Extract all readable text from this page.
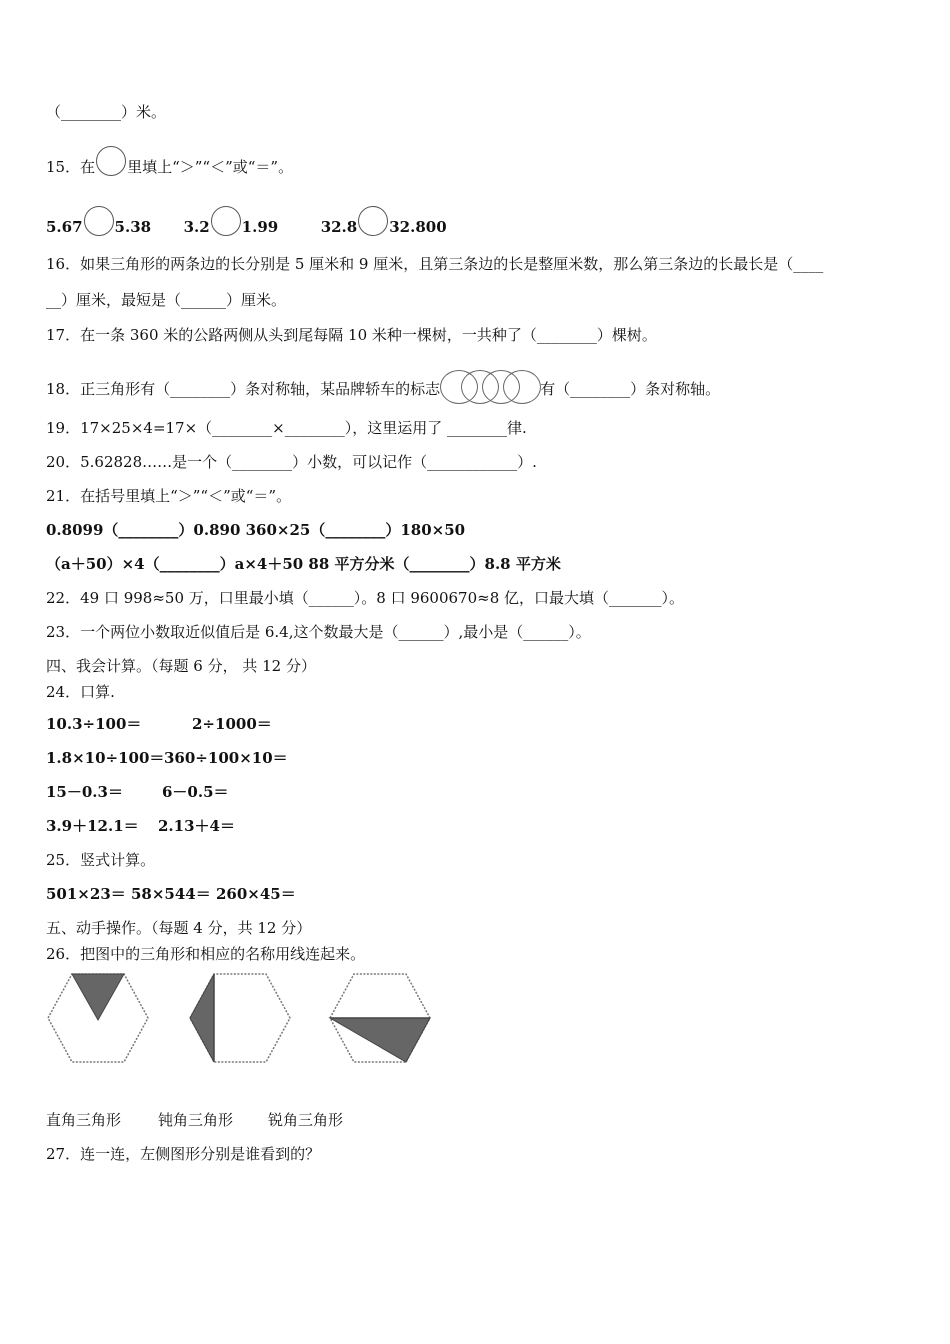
（________）米。
15．在 里填上“＞”“＜”或“＝”。
5.67 5.38 3.2 1.99	32.8 32.800
16．如果三角形的两条边的长分别是 5 厘米和 9 厘米，且第三条边的长是整厘米数，那么第三条边的长最长是（____
__）厘米，最短是（______）厘米。
17．在一条 360 米的公路两侧从头到尾每隔 10 米种一棵树，一共种了（________）棵树。
18．正三角形有（________）条对称轴，某品牌轿车的标志	有（________）条对称轴。
19．17×25×4=17×（________×________），这里运用了 ________律.
20．5.62828……是一个（________）小数，可以记作（____________）.
21．在括号里填上“＞”“＜”或“＝”。
0.8099（________）0.890 360×25（________）180×50
（a＋50）×4（________）a×4＋50 88 平方分米（________）8.8 平方米
22．49 口 998≈50 万，口里最小填（______）。8 口 9600670≈8 亿，口最大填（_______）。
23．一个两位小数取近似值后是 6.4,这个数最大是（______）,最小是（______）。
四、我会计算。（每题 6 分， 共 12 分）
24．口算.
10.3÷100＝	2÷1000＝
1.8×10÷100＝360÷100×10＝
15－0.3＝	6－0.5＝
3.9＋12.1＝ 2.13＋4＝
25．竖式计算。
501×23＝ 58×544＝ 260×45＝
五、动手操作。（每题 4 分，共 12 分）
26．把图中的三角形和相应的名称用线连起来。
直角三角形 钝角三角形 锐角三角形
27．连一连，左侧图形分别是谁看到的？
